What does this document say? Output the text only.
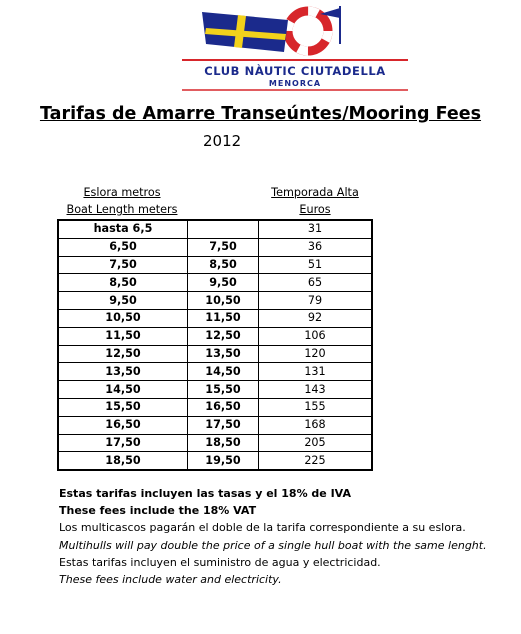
CLUB NÀUTIC CIUTADELLA
MENORCA
Tarifas de Amarre Transeúntes/Mooring Fees
2012
Eslora metros
Boat Length meters
Temporada Alta
Euros
hasta 6,5		31
6,50	7,50	36
7,50	8,50	51
8,50	9,50	65
9,50	10,50	79
10,50	11,50	92
11,50	12,50	106
12,50	13,50	120
13,50	14,50	131
14,50	15,50	143
15,50	16,50	155
16,50	17,50	168
17,50	18,50	205
18,50	19,50	225
Estas tarifas incluyen las tasas y el 18% de IVA
These fees include the 18% VAT
Los multicascos pagarán el doble de la tarifa correspondiente a su eslora.
Multihulls will pay double the price of a single hull boat with the same lenght.
Estas tarifas incluyen el suministro de agua y electricidad.
These fees include water and electricity.
